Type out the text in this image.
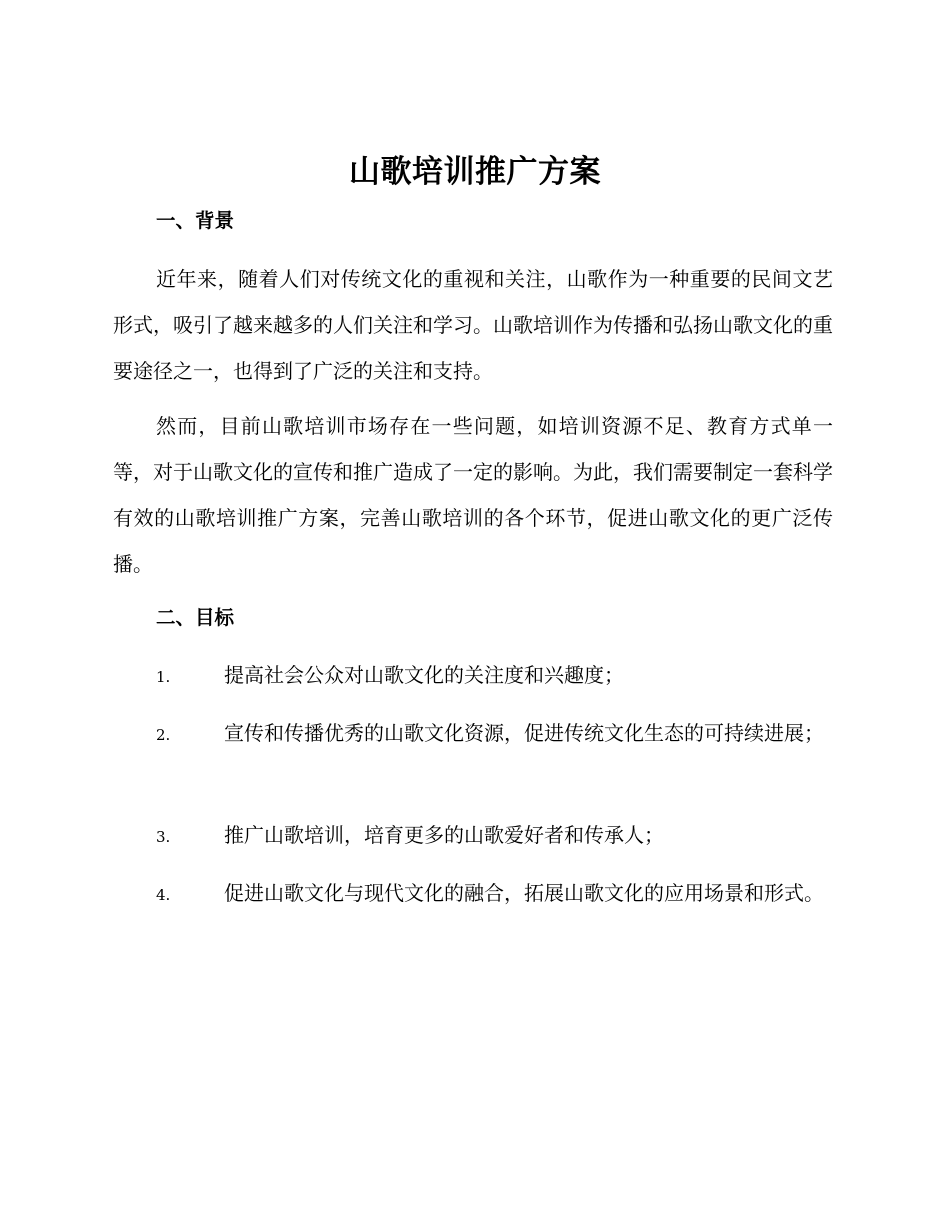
山歌培训推广方案
一、背景

近年来，随着人们对传统文化的重视和关注，山歌作为一种重要的民间文艺形式，吸引了越来越多的人们关注和学习。山歌培训作为传播和弘扬山歌文化的重要途径之一，也得到了广泛的关注和支持。

然而，目前山歌培训市场存在一些问题，如培训资源不足、教育方式单一等，对于山歌文化的宣传和推广造成了一定的影响。为此，我们需要制定一套科学有效的山歌培训推广方案，完善山歌培训的各个环节，促进山歌文化的更广泛传播。

二、目标

1.	提高社会公众对山歌文化的关注度和兴趣度；

2.	宣传和传播优秀的山歌文化资源，促进传统文化生态的可持续进展；

3.	推广山歌培训，培育更多的山歌爱好者和传承人；

4.	促进山歌文化与现代文化的融合，拓展山歌文化的应用场景和形式。
